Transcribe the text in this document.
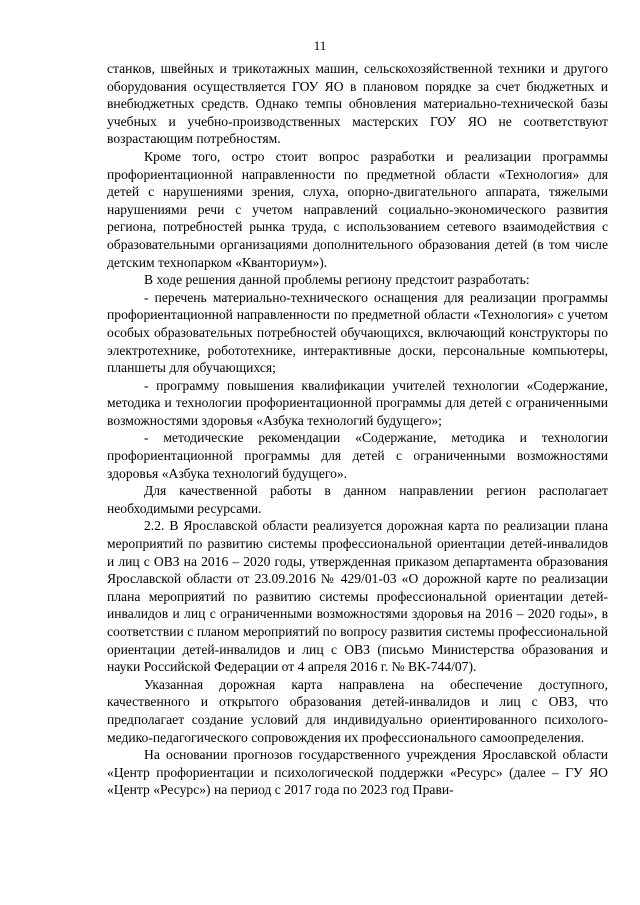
11

станков, швейных и трикотажных машин, сельскохозяйственной техники и другого оборудования осуществляется ГОУ ЯО в плановом порядке за счет бюджетных и внебюджетных средств. Однако темпы обновления материально-технической базы учебных и учебно-производственных мастерских ГОУ ЯО не соответствуют возрастающим потребностям.

Кроме того, остро стоит вопрос разработки и реализации программы профориентационной направленности по предметной области «Технология» для детей с нарушениями зрения, слуха, опорно-двигательного аппарата, тяжелыми нарушениями речи с учетом направлений социально-экономического развития региона, потребностей рынка труда, с использованием сетевого взаимодействия с образовательными организациями дополнительного образования детей (в том числе детским технопарком «Кванториум»).

В ходе решения данной проблемы региону предстоит разработать:

- перечень материально-технического оснащения для реализации программы профориентационной направленности по предметной области «Технология» с учетом особых образовательных потребностей обучающихся, включающий конструкторы по электротехнике, робототехнике, интерактивные доски, персональные компьютеры, планшеты для обучающихся;

- программу повышения квалификации учителей технологии «Содержание, методика и технологии профориентационной программы для детей с ограниченными возможностями здоровья «Азбука технологий будущего»;

- методические рекомендации «Содержание, методика и технологии профориентационной программы для детей с ограниченными возможностями здоровья «Азбука технологий будущего».

Для качественной работы в данном направлении регион располагает необходимыми ресурсами.

2.2. В Ярославской области реализуется дорожная карта по реализации плана мероприятий по развитию системы профессиональной ориентации детей-инвалидов и лиц с ОВЗ на 2016 – 2020 годы, утвержденная приказом департамента образования Ярославской области от 23.09.2016 № 429/01-03 «О дорожной карте по реализации плана мероприятий по развитию системы профессиональной ориентации детей-инвалидов и лиц с ограниченными возможностями здоровья на 2016 – 2020 годы», в соответствии с планом мероприятий по вопросу развития системы профессиональной ориентации детей-инвалидов и лиц с ОВЗ (письмо Министерства образования и науки Российской Федерации от 4 апреля 2016 г. № ВК-744/07).

Указанная дорожная карта направлена на обеспечение доступного, качественного и открытого образования детей-инвалидов и лиц с ОВЗ, что предполагает создание условий для индивидуально ориентированного психолого-медико-педагогического сопровождения их профессионального самоопределения.

На основании прогнозов государственного учреждения Ярославской области «Центр профориентации и психологической поддержки «Ресурс» (далее – ГУ ЯО «Центр «Ресурс») на период с 2017 года по 2023 год Прави-
